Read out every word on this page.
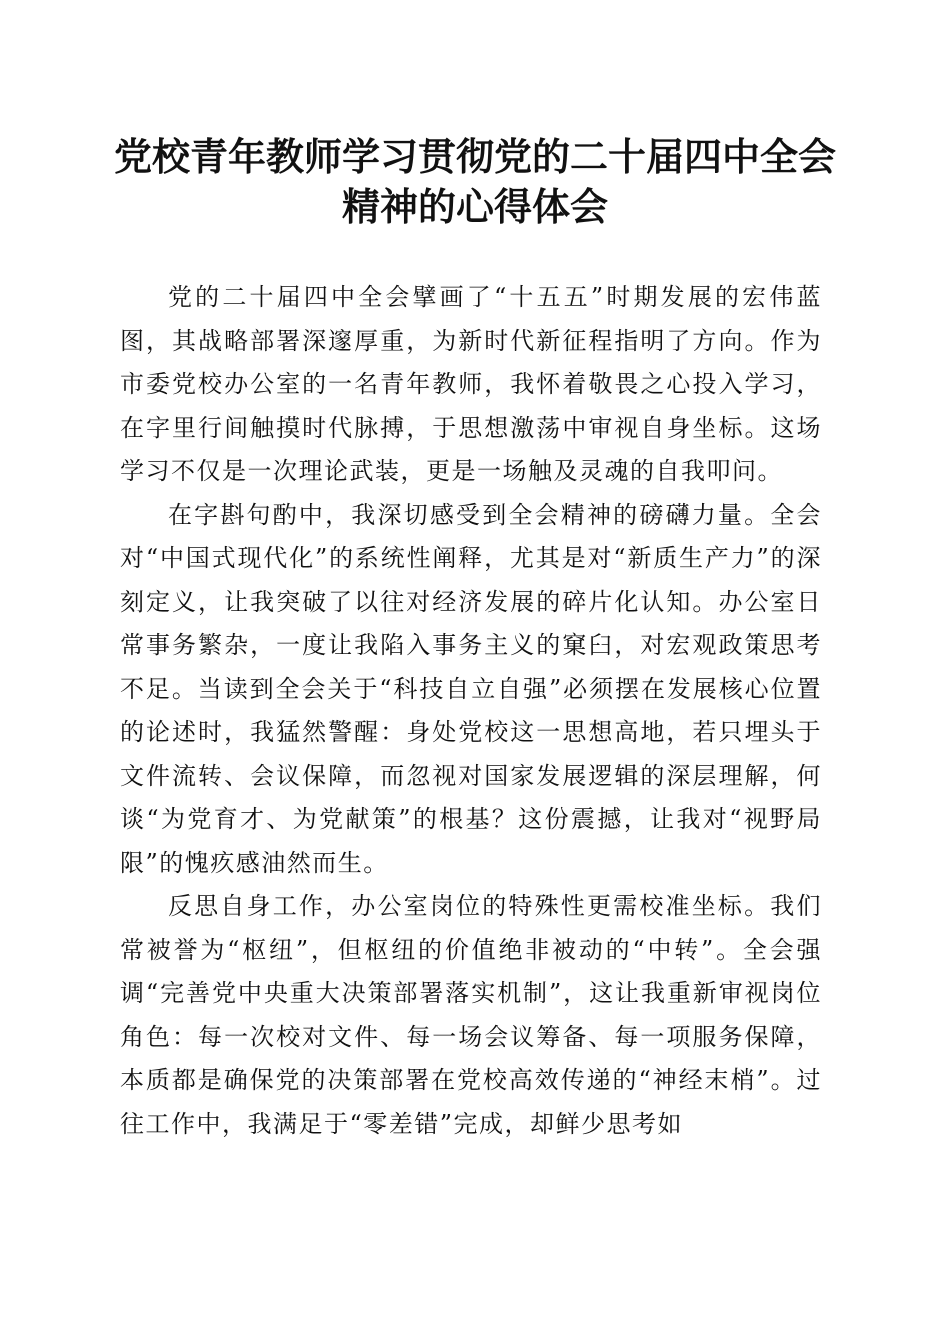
党校青年教师学习贯彻党的二十届四中全会精神的心得体会

党的二十届四中全会擘画了“十五五”时期发展的宏伟蓝图，其战略部署深邃厚重，为新时代新征程指明了方向。作为市委党校办公室的一名青年教师，我怀着敬畏之心投入学习，在字里行间触摸时代脉搏，于思想激荡中审视自身坐标。这场学习不仅是一次理论武装，更是一场触及灵魂的自我叩问。

在字斟句酌中，我深切感受到全会精神的磅礴力量。全会对“中国式现代化”的系统性阐释，尤其是对“新质生产力”的深刻定义，让我突破了以往对经济发展的碎片化认知。办公室日常事务繁杂，一度让我陷入事务主义的窠臼，对宏观政策思考不足。当读到全会关于“科技自立自强”必须摆在发展核心位置的论述时，我猛然警醒：身处党校这一思想高地，若只埋头于文件流转、会议保障，而忽视对国家发展逻辑的深层理解，何谈“为党育才、为党献策”的根基？这份震撼，让我对“视野局限”的愧疚感油然而生。

反思自身工作，办公室岗位的特殊性更需校准坐标。我们常被誉为“枢纽”，但枢纽的价值绝非被动的“中转”。全会强调“完善党中央重大决策部署落实机制”，这让我重新审视岗位角色：每一次校对文件、每一场会议筹备、每一项服务保障，本质都是确保党的决策部署在党校高效传递的“神经末梢”。过往工作中，我满足于“零差错”完成，却鲜少思考如
